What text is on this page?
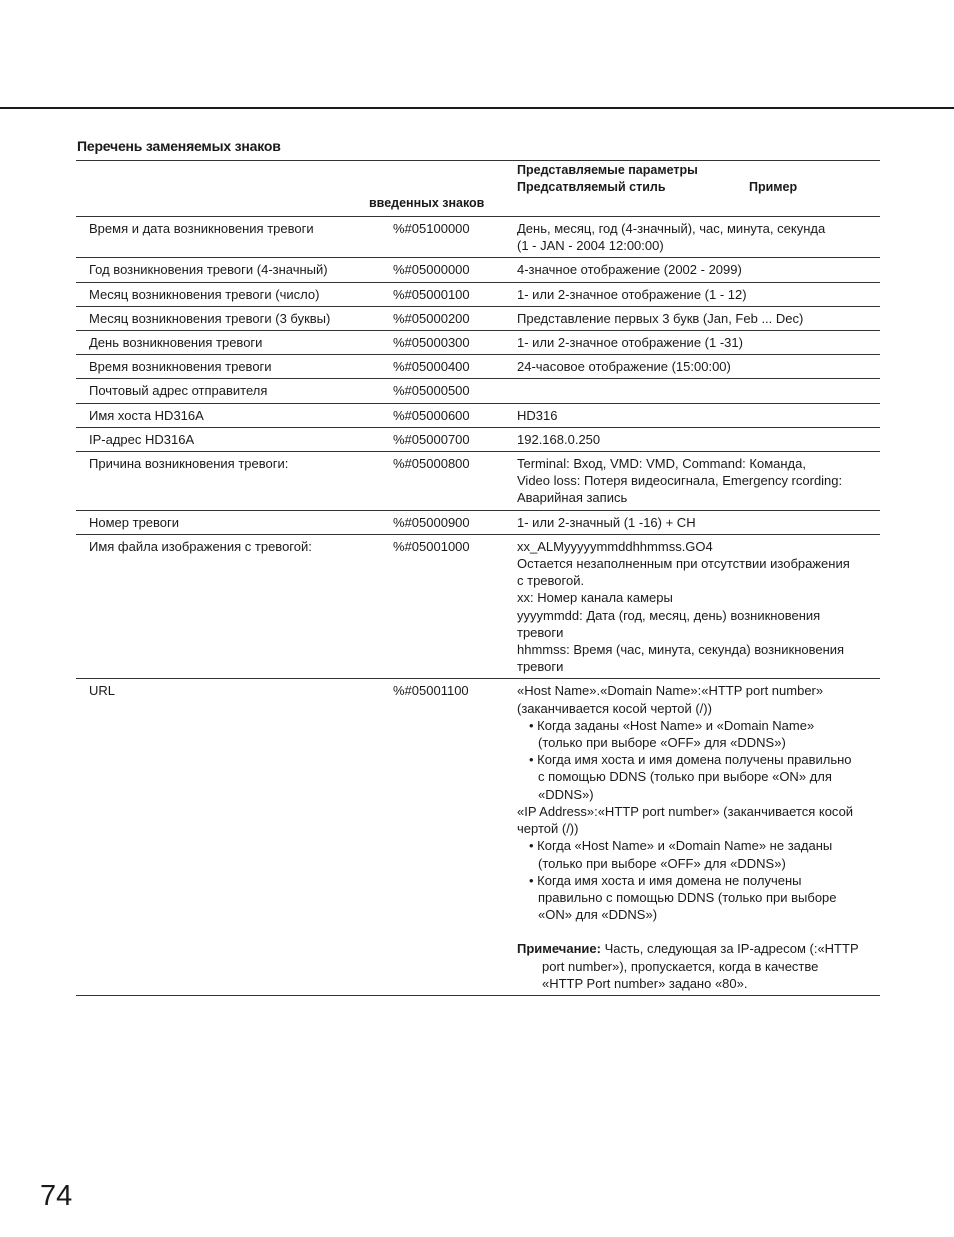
Перечень заменяемых знаков
Представляемые параметры
Предсатвляемый стиль	Пример
введенных знаков
Время и дата возникновения тревоги	%#05100000	День, месяц, год (4-значный), час, минута, секунда
(1 - JAN - 2004 12:00:00)
Год возникновения тревоги (4-значный)	%#05000000	4-значное отображение (2002 - 2099)
Месяц возникновения тревоги (число)	%#05000100	1- или 2-значное отображение (1 - 12)
Месяц возникновения тревоги (3 буквы)	%#05000200	Представление первых 3 букв (Jan, Feb ... Dec)
День возникновения тревоги	%#05000300	1- или 2-значное отображение (1 -31)
Время возникновения тревоги	%#05000400	24-часовое отображение (15:00:00)
Почтовый адрес отправителя	%#05000500
Имя хоста HD316A	%#05000600	HD316
IP-адрес HD316A	%#05000700	192.168.0.250
Причина возникновения тревоги:	%#05000800	Terminal: Вход, VMD: VMD, Command: Команда,
Video loss: Потеря видеосигнала, Emergency rcording:
Аварийная запись
Номер тревоги	%#05000900	1- или 2-значный (1 -16) + CH
Имя файла изображения с тревогой:	%#05001000	xx_ALMyyyyymmddhhmmss.GO4
Остается незаполненным при отсутствии изображения
с тревогой.
xx: Номер канала камеры
yyyymmdd: Дата (год, месяц, день) возникновения
тревоги
hhmmss: Время (час, минута, секунда) возникновения
тревоги
URL	%#05001100	«Host Name».«Domain Name»:«HTTP port number»
(заканчивается косой чертой (/))
• Когда заданы «Host Name» и «Domain Name»
(только при выборе «OFF» для «DDNS»)
• Когда имя хоста и имя домена получены правильно
с помощью DDNS (только при выборе «ON» для
«DDNS»)
«IP Address»:«HTTP port number» (заканчивается косой
чертой (/))
• Когда «Host Name» и «Domain Name» не заданы
(только при выборе «OFF» для «DDNS»)
• Когда имя хоста и имя домена не получены
правильно с помощью DDNS (только при выборе
«ON» для «DDNS»)
Примечание: Часть, следующая за IP-адресом (:«HTTP
port number»), пропускается, когда в качестве
«HTTP Port number» задано «80».
74
